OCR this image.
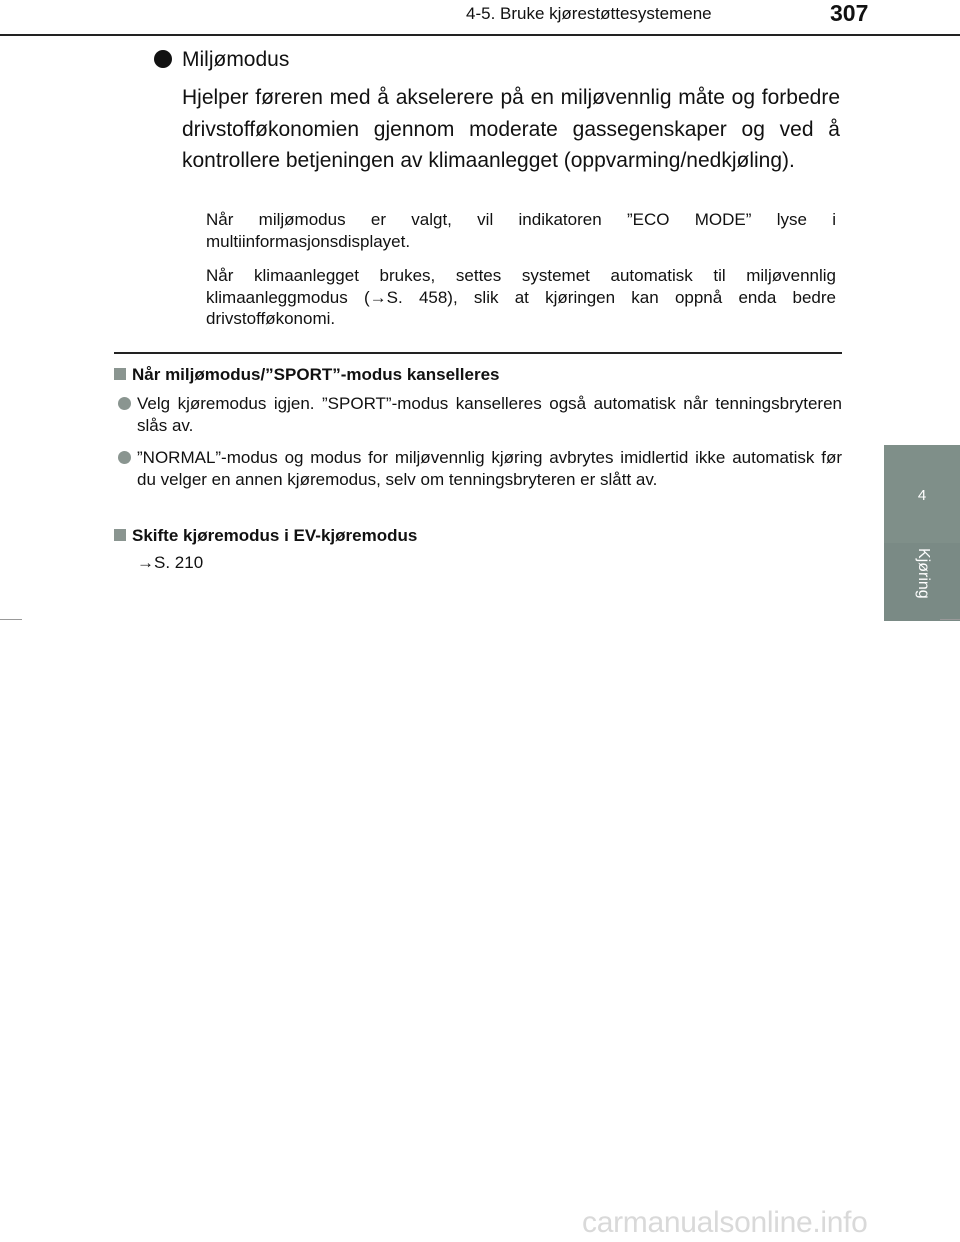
4-5. Bruke kjørestøttesystemene	307
4
Kjøring
Miljømodus
Hjelper føreren med å akselerere på en miljøvennlig måte og forbedre drivstofføkonomien gjennom moderate gassegenskaper og ved å kontrollere betjeningen av klimaanlegget (oppvarming/nedkjøling).
Når miljømodus er valgt, vil indikatoren ”ECO MODE” lyse i multiinformasjonsdisplayet.
Når klimaanlegget brukes, settes systemet automatisk til miljøvennlig klimaanleggmodus (→S. 458), slik at kjøringen kan oppnå enda bedre drivstofføkonomi.
Når miljømodus/”SPORT”-modus kanselleres
Velg kjøremodus igjen. ”SPORT”-modus kanselleres også automatisk når tenningsbryteren slås av.
”NORMAL”-modus og modus for miljøvennlig kjøring avbrytes imidlertid ikke automatisk før du velger en annen kjøremodus, selv om tenningsbryteren er slått av.
Skifte kjøremodus i EV-kjøremodus
→S. 210
carmanualsonline.info
